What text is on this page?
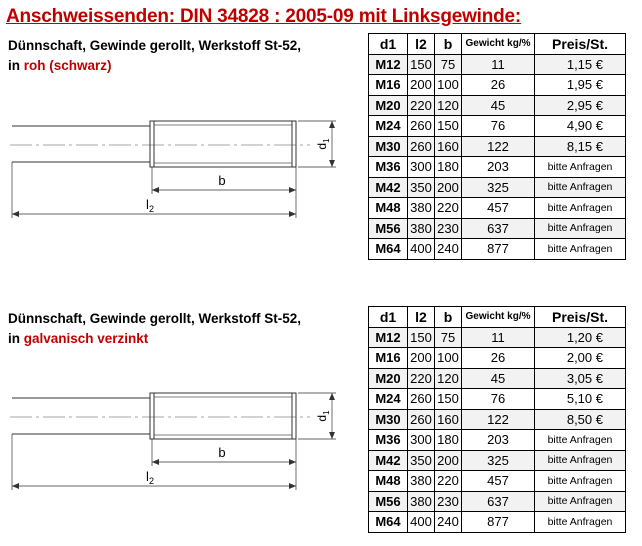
Anschweissenden: DIN 34828 : 2005-09 mit Linksgewinde:
Dünnschaft, Gewinde gerollt, Werkstoff St-52,
in roh (schwarz)
$d_1$
b
$l_2$
d1	l2	b	Gewicht kg/%	Preis/St.
M12	150	75	11	1,15 €
M16	200	100	26	1,95 €
M20	220	120	45	2,95 €
M24	260	150	76	4,90 €
M30	260	160	122	8,15 €
M36	300	180	203	bitte Anfragen
M42	350	200	325	bitte Anfragen
M48	380	220	457	bitte Anfragen
M56	380	230	637	bitte Anfragen
M64	400	240	877	bitte Anfragen
Dünnschaft, Gewinde gerollt, Werkstoff St-52,
in galvanisch verzinkt
$d_1$
b
$l_2$
d1	l2	b	Gewicht kg/%	Preis/St.
M12	150	75	11	1,20 €
M16	200	100	26	2,00 €
M20	220	120	45	3,05 €
M24	260	150	76	5,10 €
M30	260	160	122	8,50 €
M36	300	180	203	bitte Anfragen
M42	350	200	325	bitte Anfragen
M48	380	220	457	bitte Anfragen
M56	380	230	637	bitte Anfragen
M64	400	240	877	bitte Anfragen
